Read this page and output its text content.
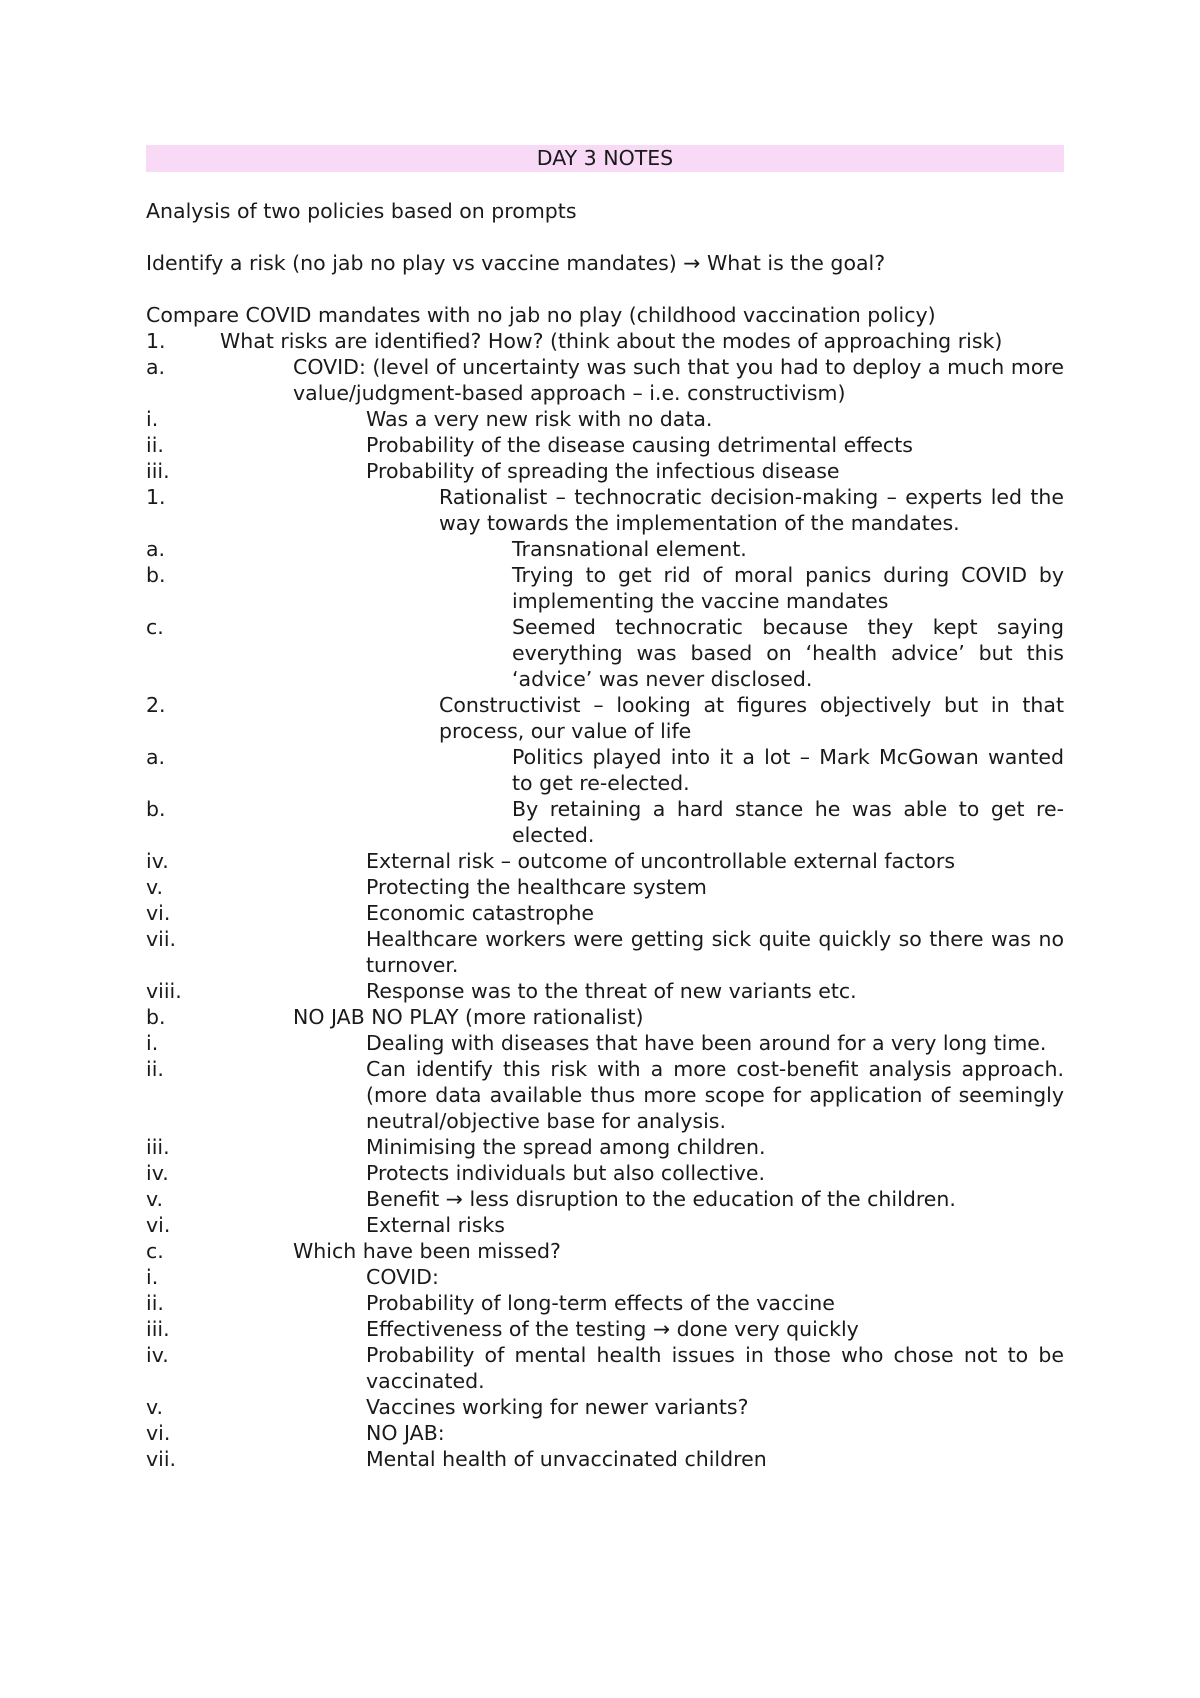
DAY 3 NOTES

Analysis of two policies based on prompts

Identify a risk (no jab no play vs vaccine mandates) → What is the goal?

Compare COVID mandates with no jab no play (childhood vaccination policy)

1.	What risks are identified? How? (think about the modes of approaching risk)
a.	COVID: (level of uncertainty was such that you had to deploy a much more value/judgment-based approach – i.e. constructivism)
i.	Was a very new risk with no data.
ii.	Probability of the disease causing detrimental effects
iii.	Probability of spreading the infectious disease
1.	Rationalist – technocratic decision-making – experts led the way towards the implementation of the mandates.
a.	Transnational element.
b.	Trying to get rid of moral panics during COVID by implementing the vaccine mandates
c.	Seemed technocratic because they kept saying everything was based on ‘health advice’ but this ‘advice’ was never disclosed.
2.	Constructivist – looking at figures objectively but in that process, our value of life
a.	Politics played into it a lot – Mark McGowan wanted to get re-elected.
b.	By retaining a hard stance he was able to get re-elected.
iv.	External risk – outcome of uncontrollable external factors
v.	Protecting the healthcare system
vi.	Economic catastrophe
vii.	Healthcare workers were getting sick quite quickly so there was no turnover.
viii.	Response was to the threat of new variants etc.
b.	NO JAB NO PLAY (more rationalist)
i.	Dealing with diseases that have been around for a very long time.
ii.	Can identify this risk with a more cost-benefit analysis approach. (more data available thus more scope for application of seemingly neutral/objective base for analysis.
iii.	Minimising the spread among children.
iv.	Protects individuals but also collective.
v.	Benefit → less disruption to the education of the children.
vi.	External risks
c.	Which have been missed?
i.	COVID:
ii.	Probability of long-term effects of the vaccine
iii.	Effectiveness of the testing → done very quickly
iv.	Probability of mental health issues in those who chose not to be vaccinated.
v.	Vaccines working for newer variants?
vi.	NO JAB:
vii.	Mental health of unvaccinated children
